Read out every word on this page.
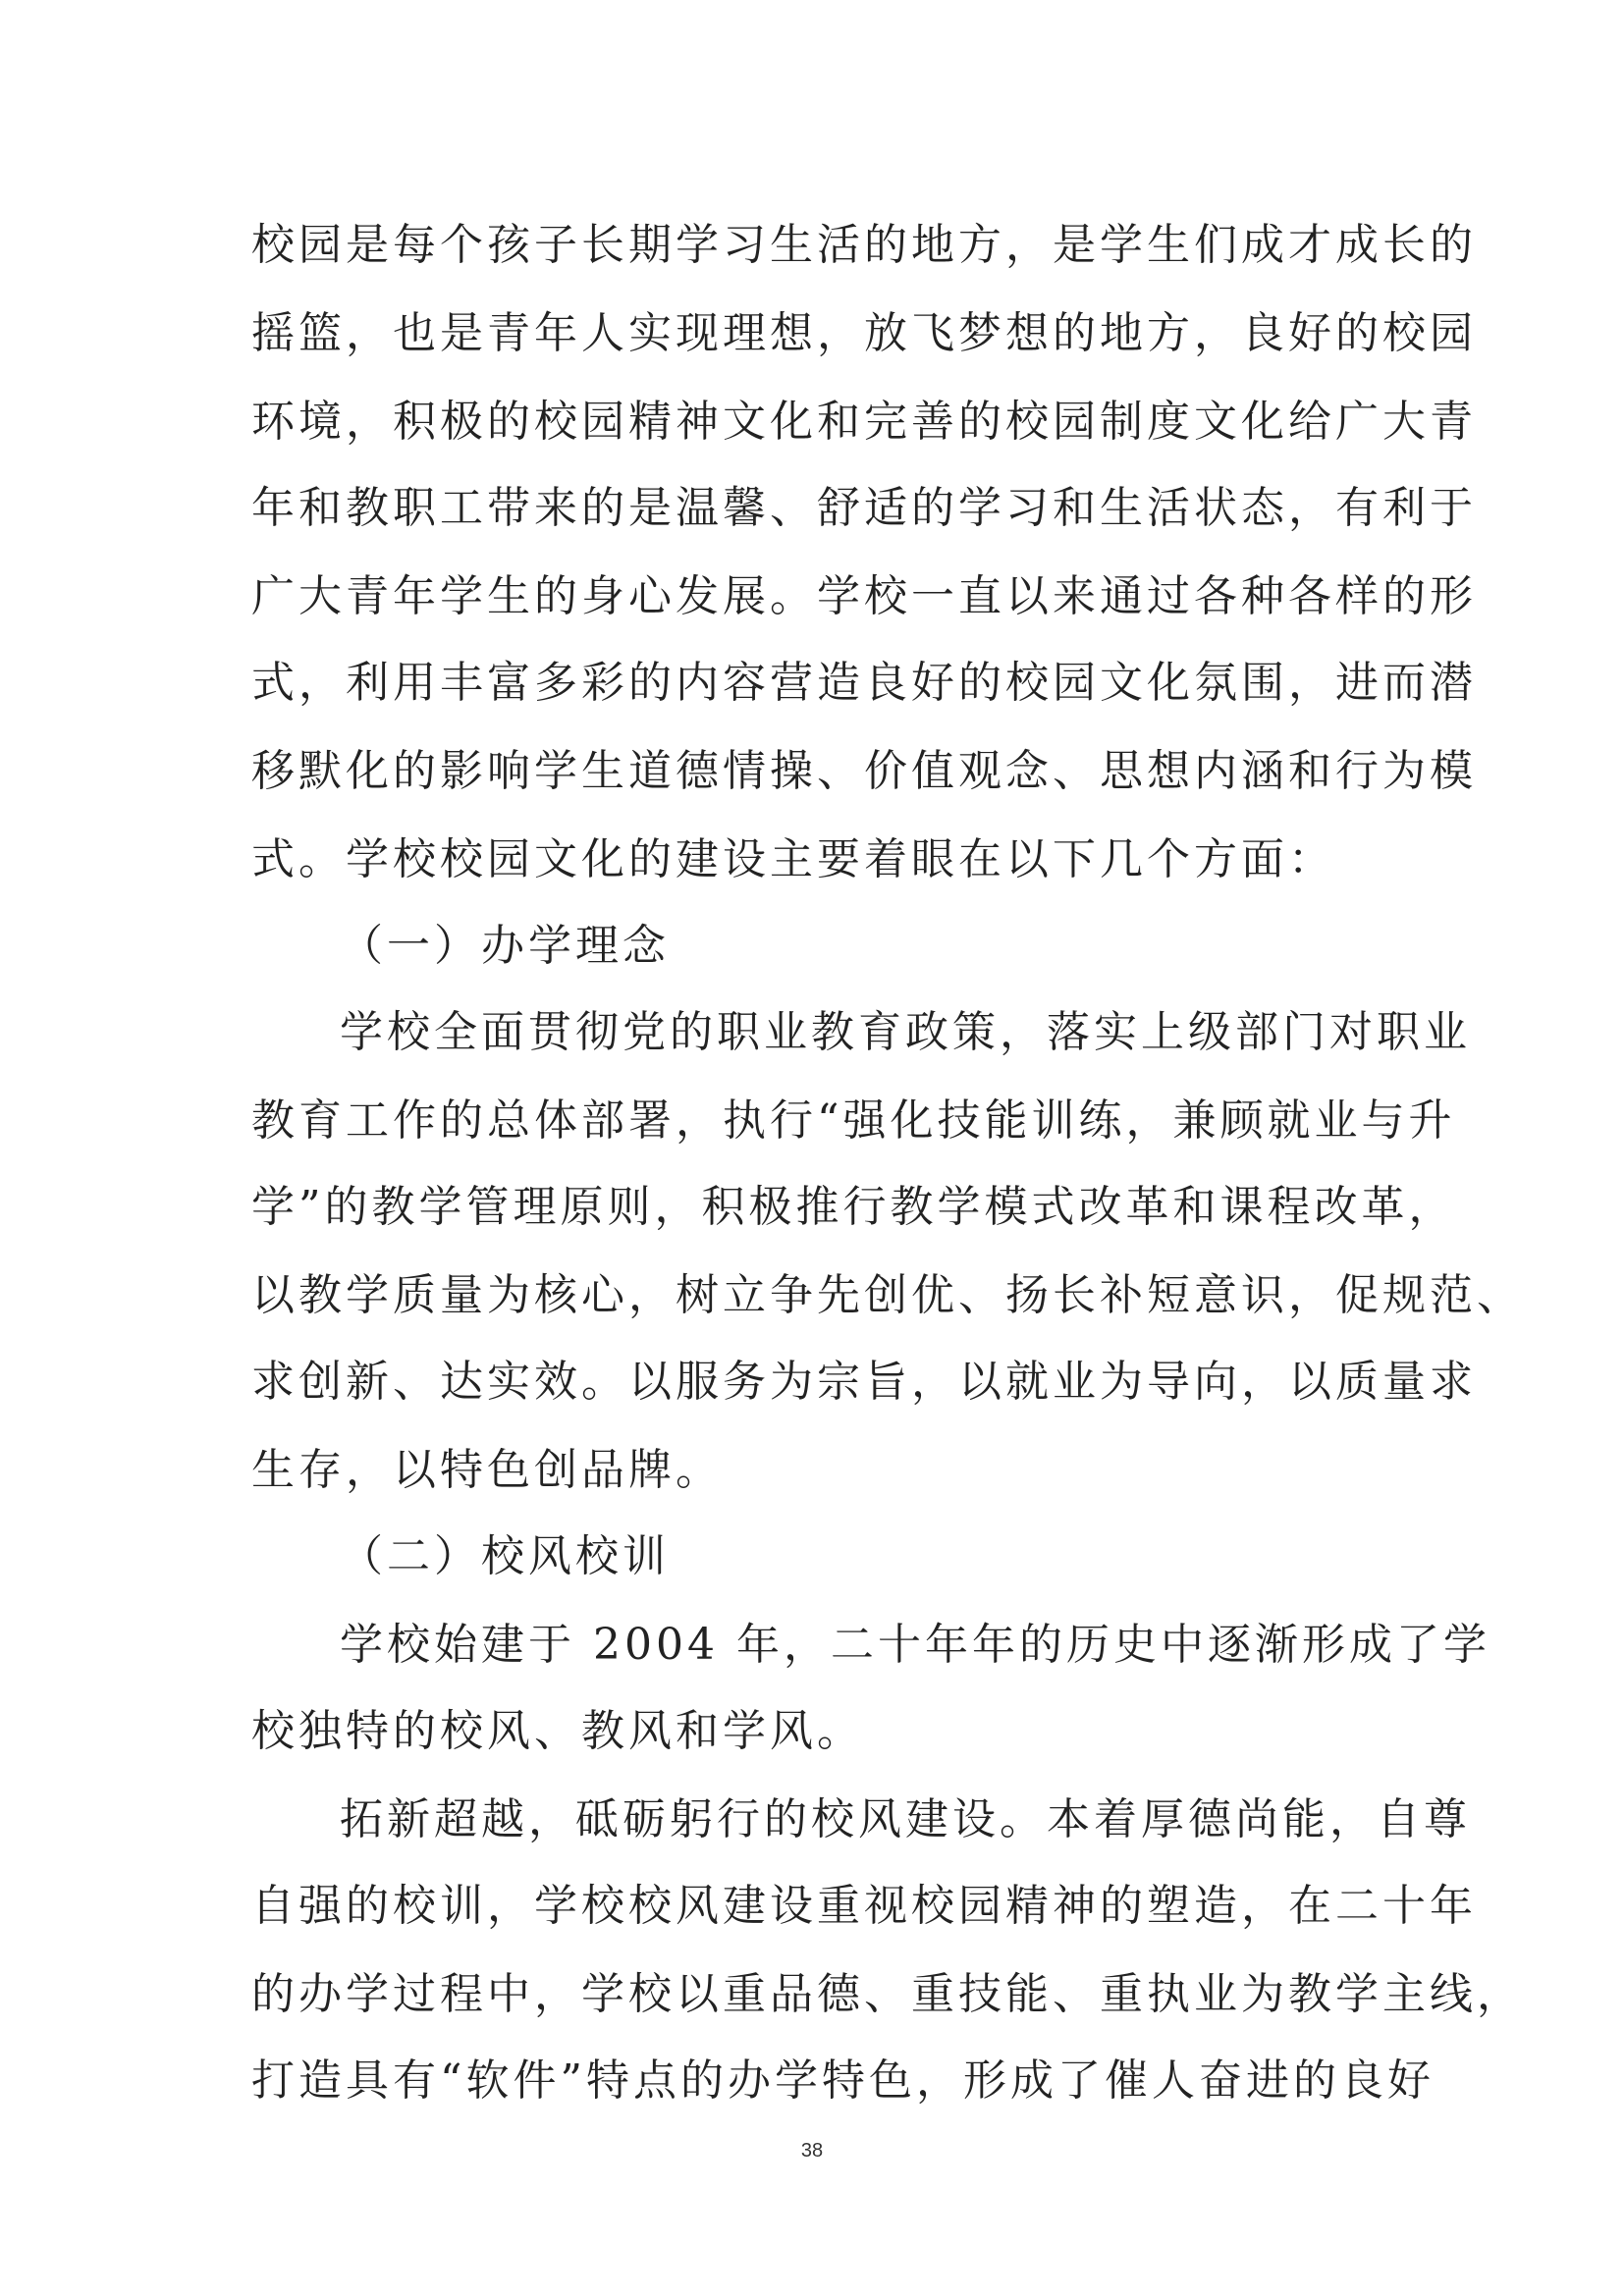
校园是每个孩子长期学习生活的地方，是学生们成才成长的
摇篮，也是青年人实现理想，放飞梦想的地方，良好的校园
环境，积极的校园精神文化和完善的校园制度文化给广大青
年和教职工带来的是温馨、舒适的学习和生活状态，有利于
广大青年学生的身心发展。学校一直以来通过各种各样的形
式，利用丰富多彩的内容营造良好的校园文化氛围，进而潜
移默化的影响学生道德情操、价值观念、思想内涵和行为模
式。学校校园文化的建设主要着眼在以下几个方面：
（一）办学理念
学校全面贯彻党的职业教育政策，落实上级部门对职业
教育工作的总体部署，执行“强化技能训练，兼顾就业与升
学”的教学管理原则，积极推行教学模式改革和课程改革，
以教学质量为核心，树立争先创优、扬长补短意识，促规范、
求创新、达实效。以服务为宗旨，以就业为导向，以质量求
生存，以特色创品牌。
（二）校风校训
学校始建于 2004 年，二十年年的历史中逐渐形成了学
校独特的校风、教风和学风。
拓新超越，砥砺躬行的校风建设。本着厚德尚能，自尊
自强的校训，学校校风建设重视校园精神的塑造，在二十年
的办学过程中，学校以重品德、重技能、重执业为教学主线，
打造具有“软件”特点的办学特色，形成了催人奋进的良好
38
